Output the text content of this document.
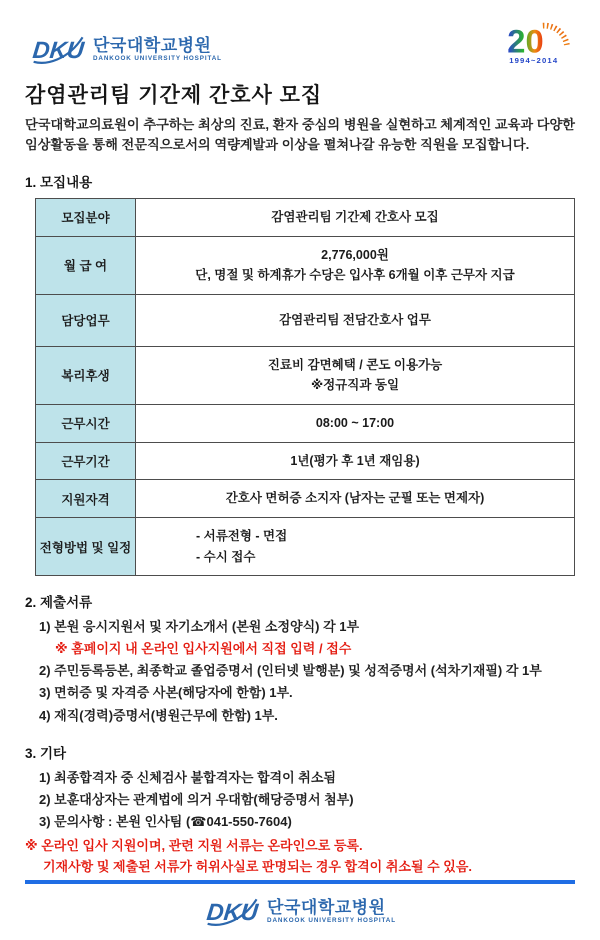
DKU 단국대학교병원
DANKOOK UNIVERSITY HOSPITAL	20
1994~2014
감염관리팀 기간제 간호사 모집
단국대학교의료원이 추구하는 최상의 진료, 환자 중심의 병원을 실현하고 체계적인 교육과 다양한
임상활동을 통해 전문직으로서의 역량계발과 이상을 펼쳐나갈 유능한 직원을 모집합니다.
1. 모집내용
모집분야	감염관리팀 기간제 간호사 모집

월 급 여	2,776,000원
단, 명절 및 하계휴가 수당은 입사후 6개월 이후 근무자 지급

담당업무	감염관리팀 전담간호사 업무

복리후생	진료비 감면혜택 / 콘도 이용가능
※정규직과 동일

근무시간	08:00 ~ 17:00

근무기간	1년(평가 후 1년 재임용)

지원자격	간호사 면허증 소지자 (남자는 군필 또는 면제자)

전형방법 및 일정	- 서류전형 - 면접
- 수시 접수
2. 제출서류
1) 본원 응시지원서 및 자기소개서 (본원 소정양식) 각 1부
※ 홈페이지 내 온라인 입사지원에서 직접 입력 / 접수
2) 주민등록등본, 최종학교 졸업증명서 (인터넷 발행분) 및 성적증명서 (석차기재필) 각 1부
3) 면허증 및 자격증 사본(해당자에 한함) 1부.
4) 재직(경력)증명서(병원근무에 한함) 1부.
3. 기타
1) 최종합격자 중 신체검사 불합격자는 합격이 취소됨
2) 보훈대상자는 관계법에 의거 우대함(해당증명서 첨부)
3) 문의사항 : 본원 인사팀 (☎041-550-7604)
※ 온라인 입사 지원이며, 관련 지원 서류는 온라인으로 등록.
기재사항 및 제출된 서류가 허위사실로 판명되는 경우 합격이 취소될 수 있음.
DKU 단국대학교병원
DANKOOK UNIVERSITY HOSPITAL
